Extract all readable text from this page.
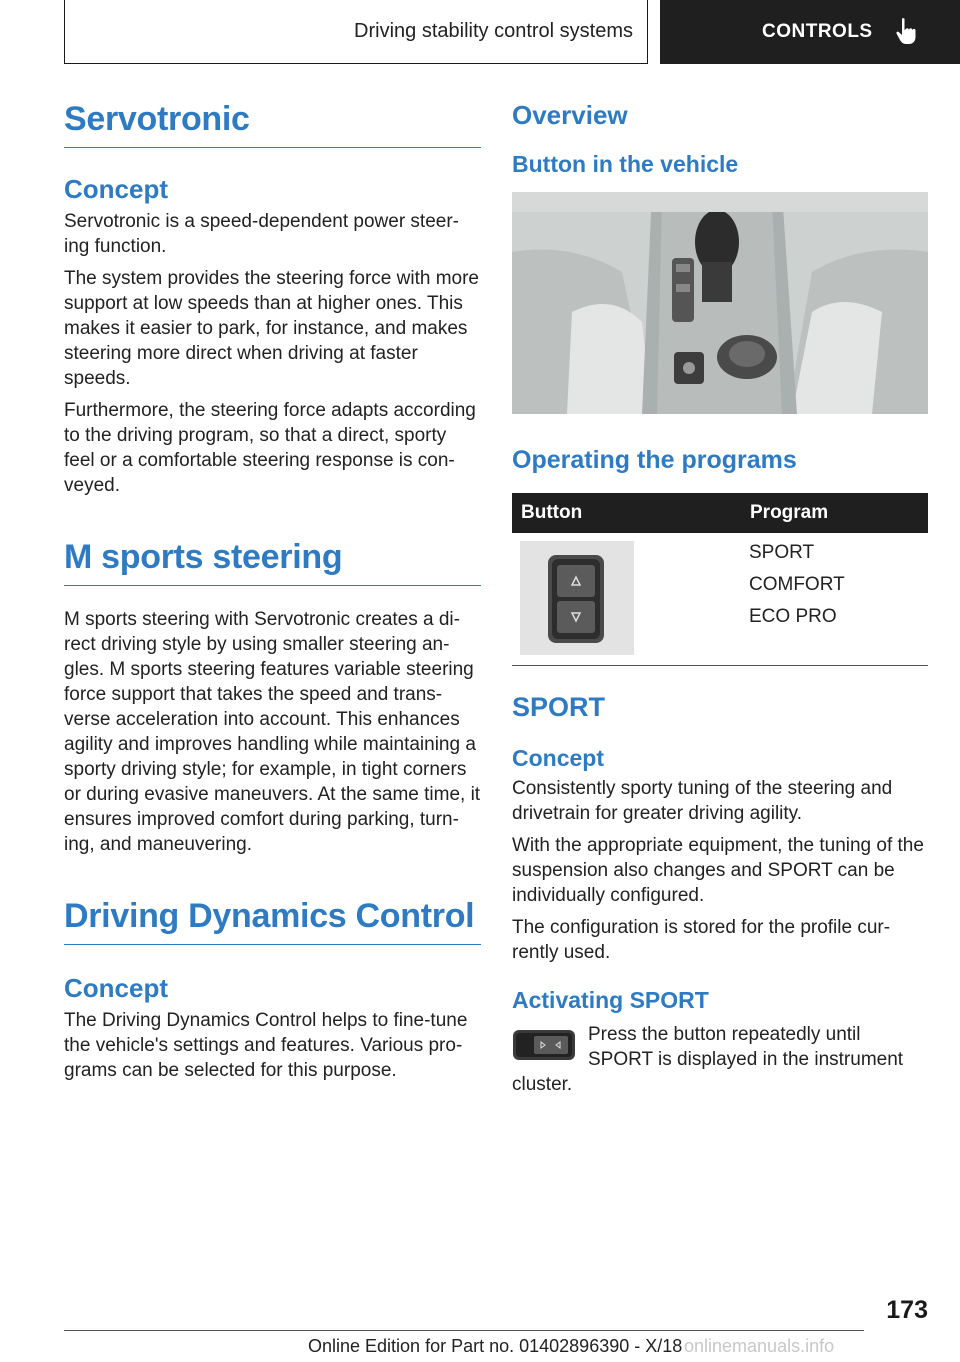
Driving stability control systems	CONTROLS
Servotronic
Concept

Servotronic is a speed-dependent power steer-ing function.

The system provides the steering force with more support at low speeds than at higher ones. This makes it easier to park, for instance, and makes steering more direct when driving at faster speeds.

Furthermore, the steering force adapts according to the driving program, so that a direct, sporty feel or a comfortable steering response is con-veyed.

M sports steering

M sports steering with Servotronic creates a di-rect driving style by using smaller steering an-gles. M sports steering features variable steering force support that takes the speed and trans-verse acceleration into account. This enhances agility and improves handling while maintaining a sporty driving style; for example, in tight corners or during evasive maneuvers. At the same time, it ensures improved comfort during parking, turn-ing, and maneuvering.

Driving Dynamics Control
Concept

The Driving Dynamics Control helps to fine-tune the vehicle's settings and features. Various pro-grams can be selected for this purpose.

Overview
Button in the vehicle
Operating the programs
Button	Program

SPORT
COMFORT
ECO PRO
SPORT
Concept

Consistently sporty tuning of the steering and drivetrain for greater driving agility.

With the appropriate equipment, the tuning of the suspension also changes and SPORT can be individually configured.

The configuration is stored for the profile cur-rently used.

Activating SPORT

Press the button repeatedly until SPORT is displayed in the instrument cluster.

173
Online Edition for Part no. 01402896390 - X/18 onlinemanuals.info
